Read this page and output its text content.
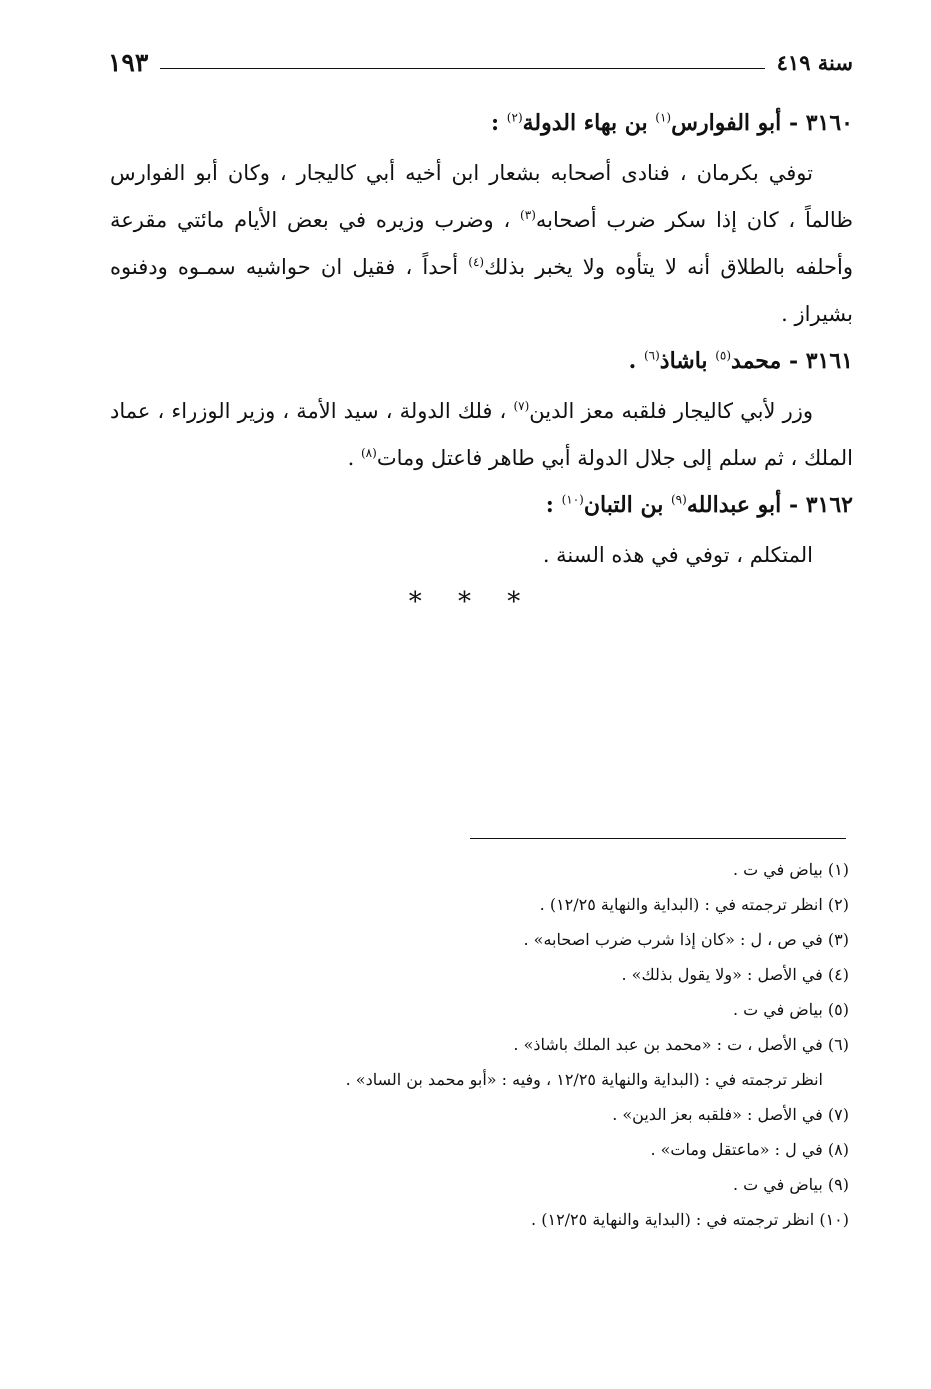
سنة ٤١٩
١٩٣
٣١٦٠ - أبو الفوارس$^{(١)}$ بن بهاء الدولة$^{(٢)}$ :

توفي بكرمان ، فنادى أصحابه بشعار ابن أخيه أبي كاليجار ، وكان أبو الفوارس ظالماً ، كان إذا سكر ضرب أصحابه$^{(٣)}$ ، وضرب وزيره في بعض الأيام مائتي مقرعة وأحلفه بالطلاق أنه لا يتأوه ولا يخبر بذلك$^{(٤)}$ أحداً ، فقيل ان حواشيه سمـوه ودفنوه بشيراز .

٣١٦١ - محمد$^{(٥)}$ باشاذ$^{(٦)}$ .

وزر لأبي كاليجار فلقبه معز الدين$^{(٧)}$ ، فلك الدولة ، سيد الأمة ، وزير الوزراء ، عماد الملك ، ثم سلم إلى جلال الدولة أبي طاهر فاعتل ومات$^{(٨)}$ .

٣١٦٢ - أبو عبدالله$^{(٩)}$ بن التبان$^{(١٠)}$ :

المتكلم ، توفي في هذه السنة .

* * *
(١) بياض في ت .
(٢) انظر ترجمته في : (البداية والنهاية ١٢/٢٥) .
(٣) في ص ، ل : «كان إذا شرب ضرب اصحابه» .
(٤) في الأصل : «ولا يقول بذلك» .
(٥) بياض في ت .
(٦) في الأصل ، ت : «محمد بن عبد الملك باشاذ» .
انظر ترجمته في : (البداية والنهاية ١٢/٢٥ ، وفيه : «أبو محمد بن الساد» .
(٧) في الأصل : «فلقبه بعز الدين» .
(٨) في ل : «ماعتقل ومات» .
(٩) بياض في ت .
(١٠) انظر ترجمته في : (البداية والنهاية ١٢/٢٥) .
